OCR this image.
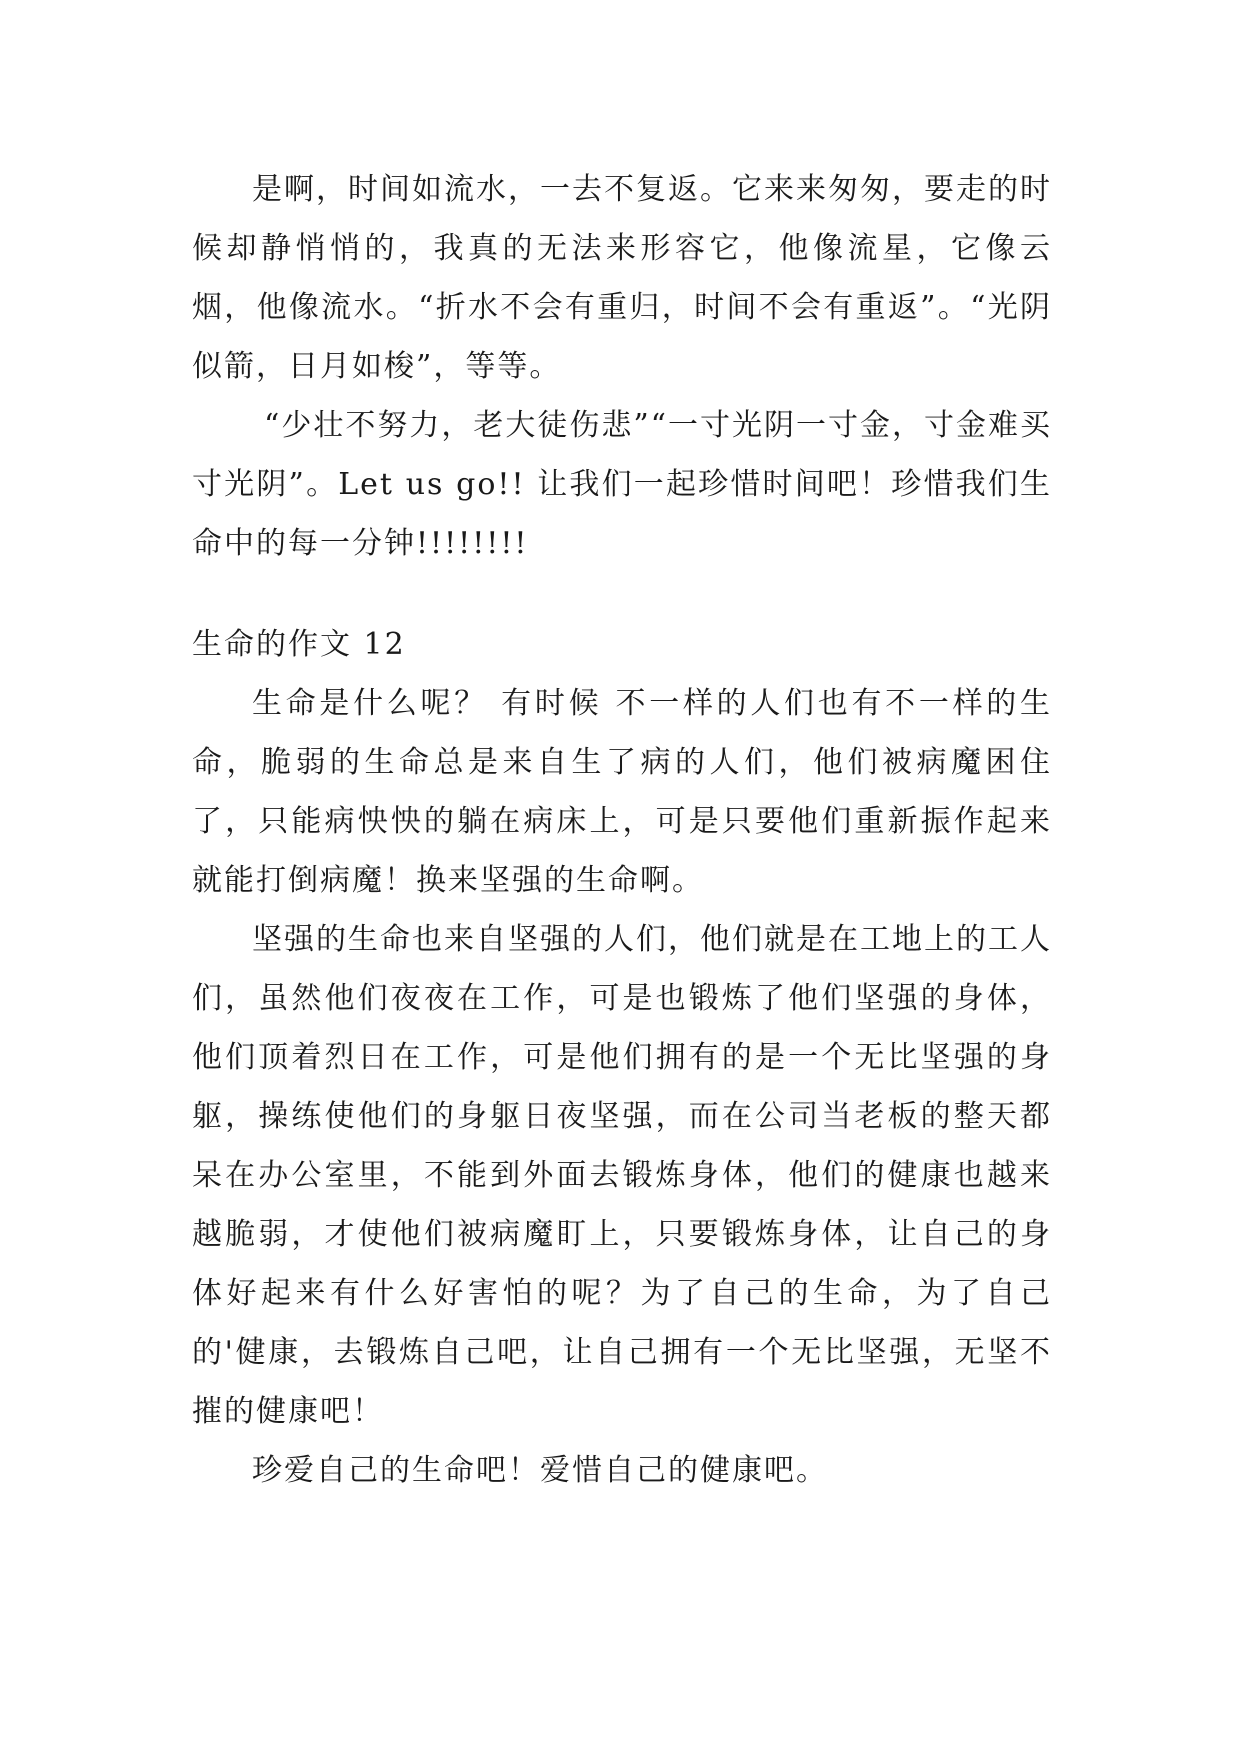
是啊，时间如流水，一去不复返。它来来匆匆，要走的时候却静悄悄的，我真的无法来形容它，他像流星，它像云烟，他像流水。“折水不会有重归，时间不会有重返”。“光阴似箭，日月如梭”，等等。

“少壮不努力，老大徒伤悲”“一寸光阴一寸金，寸金难买寸光阴”。Let us go!! 让我们一起珍惜时间吧！珍惜我们生命中的每一分钟!!!!!!!!

生命的作文 12

生命是什么呢？ 有时候 不一样的人们也有不一样的生命，脆弱的生命总是来自生了病的人们，他们被病魔困住了，只能病怏怏的躺在病床上，可是只要他们重新振作起来就能打倒病魔！换来坚强的生命啊。

坚强的生命也来自坚强的人们，他们就是在工地上的工人们，虽然他们夜夜在工作，可是也锻炼了他们坚强的身体，他们顶着烈日在工作，可是他们拥有的是一个无比坚强的身躯，操练使他们的身躯日夜坚强，而在公司当老板的整天都呆在办公室里，不能到外面去锻炼身体，他们的健康也越来越脆弱，才使他们被病魔盯上，只要锻炼身体，让自己的身体好起来有什么好害怕的呢？为了自己的生命，为了自己的'健康，去锻炼自己吧，让自己拥有一个无比坚强，无坚不摧的健康吧！

珍爱自己的生命吧！爱惜自己的健康吧。
